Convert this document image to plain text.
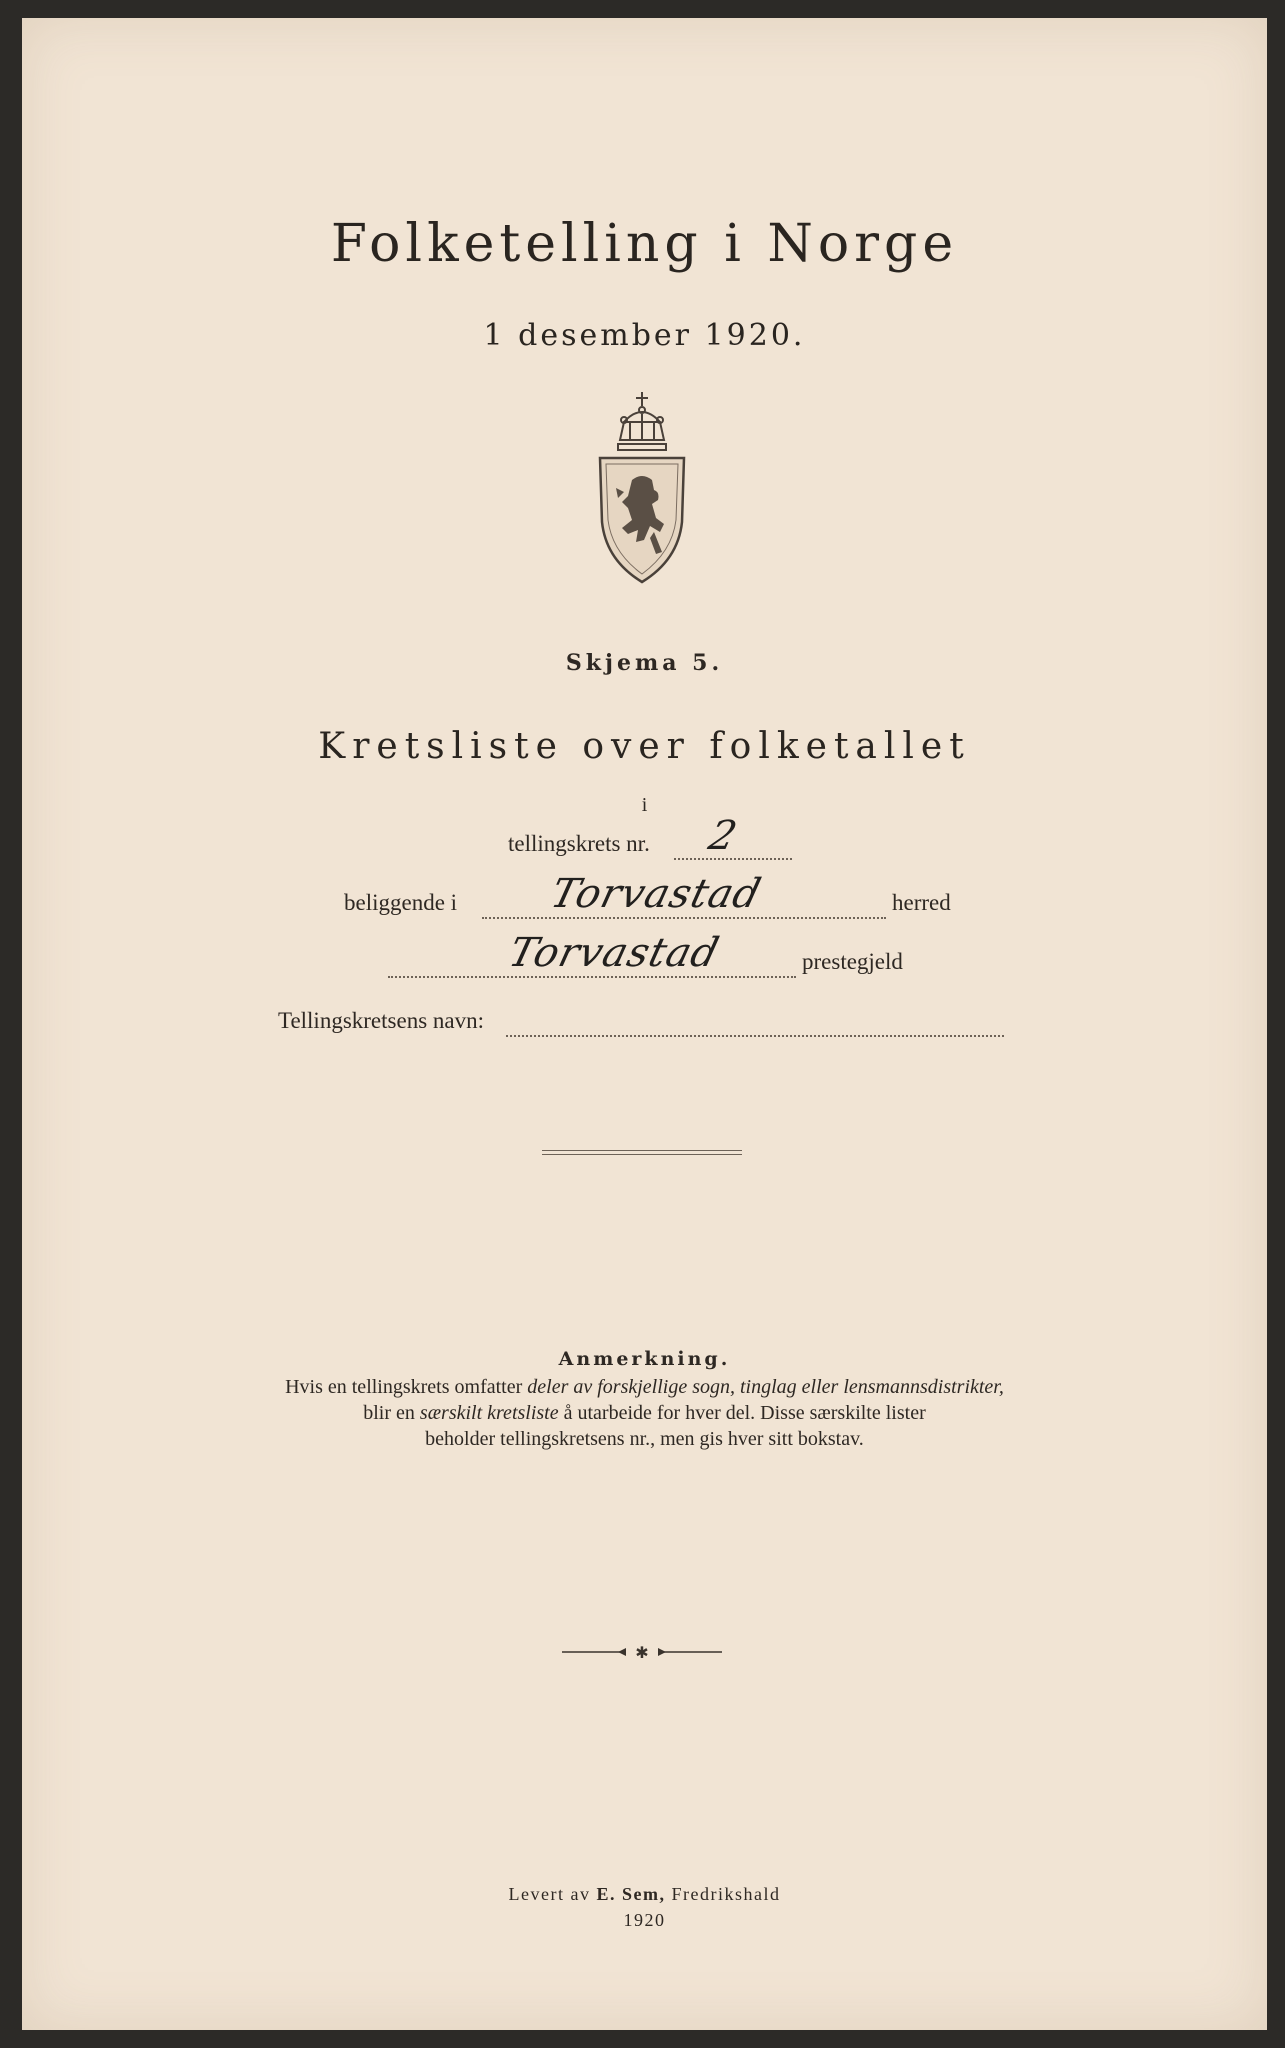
Folketelling i Norge
1 desember 1920.
Skjema 5.
Kretsliste over folketallet
i
tellingskrets nr. 2
beliggende i Torvastad	herred
Torvastad	prestegjeld
Tellingskretsens navn:
Anmerkning.
Hvis en tellingskrets omfatter deler av forskjellige sogn, tinglag eller lensmannsdistrikter,
blir en særskilt kretsliste å utarbeide for hver del. Disse særskilte lister
beholder tellingskretsens nr., men gis hver sitt bokstav.
✱
Levert av E. Sem, Fredrikshald
1920
